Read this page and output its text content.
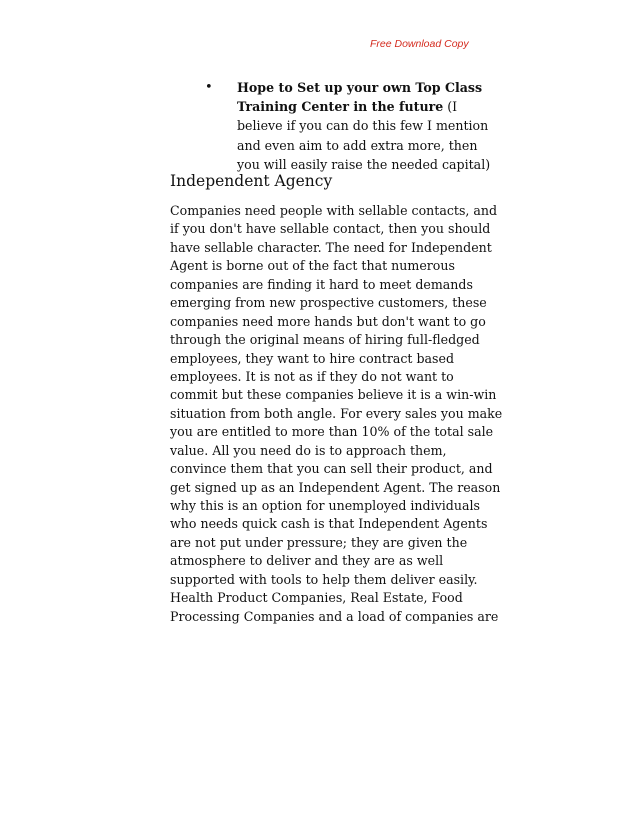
Free Download Copy
• Hope to Set up your own Top Class Training Center in the future (I believe if you can do this few I mention and even aim to add extra more, then you will easily raise the needed capital)
Independent Agency
Companies need people with sellable contacts, and
if you don't have sellable contact, then you should
have sellable character. The need for Independent
Agent is borne out of the fact that numerous
companies are finding it hard to meet demands
emerging from new prospective customers, these
companies need more hands but don't want to go
through the original means of hiring full-fledged
employees, they want to hire contract based
employees. It is not as if they do not want to
commit but these companies believe it is a win-win
situation from both angle. For every sales you make
you are entitled to more than 10% of the total sale
value. All you need do is to approach them,
convince them that you can sell their product, and
get signed up as an Independent Agent. The reason
why this is an option for unemployed individuals
who needs quick cash is that Independent Agents
are not put under pressure; they are given the
atmosphere to deliver and they are as well
supported with tools to help them deliver easily.
Health Product Companies, Real Estate, Food
Processing Companies and a load of companies are
